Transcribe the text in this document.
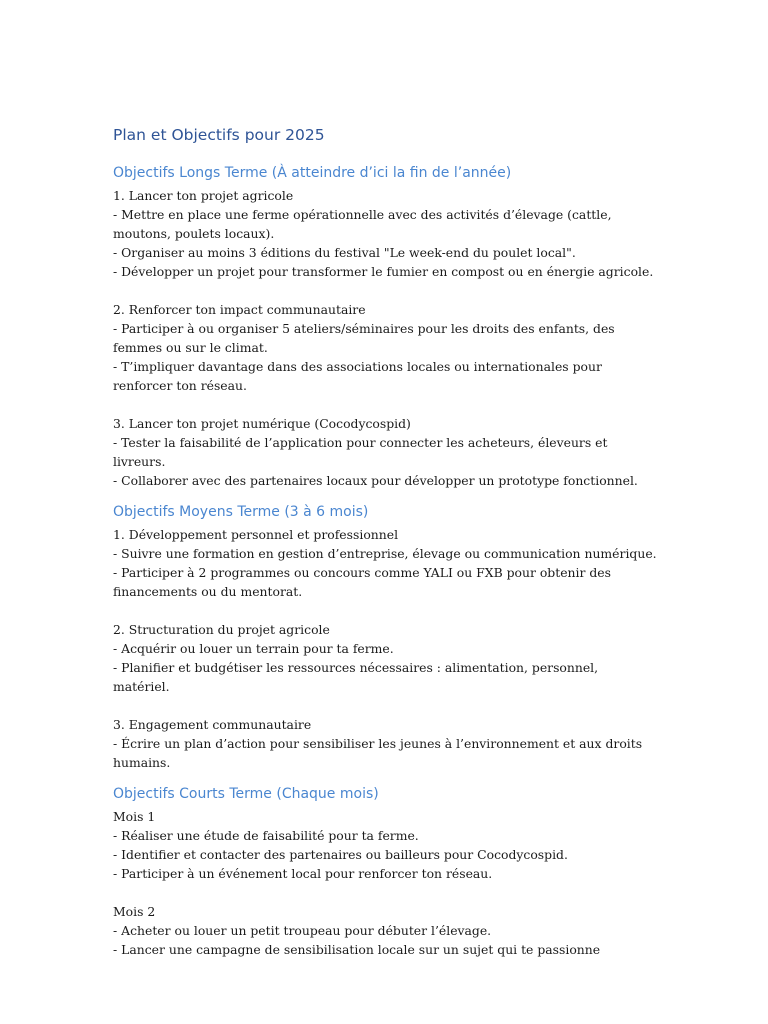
Plan et Objectifs pour 2025
Objectifs Longs Terme (À atteindre d’ici la fin de l’année)
1. Lancer ton projet agricole
- Mettre en place une ferme opérationnelle avec des activités d’élevage (cattle, moutons, poulets locaux).
- Organiser au moins 3 éditions du festival "Le week-end du poulet local".
- Développer un projet pour transformer le fumier en compost ou en énergie agricole.
2. Renforcer ton impact communautaire
- Participer à ou organiser 5 ateliers/séminaires pour les droits des enfants, des femmes ou sur le climat.
- T’impliquer davantage dans des associations locales ou internationales pour renforcer ton réseau.
3. Lancer ton projet numérique (Cocodycospid)
- Tester la faisabilité de l’application pour connecter les acheteurs, éleveurs et livreurs.
- Collaborer avec des partenaires locaux pour développer un prototype fonctionnel.
Objectifs Moyens Terme (3 à 6 mois)
1. Développement personnel et professionnel
- Suivre une formation en gestion d’entreprise, élevage ou communication numérique.
- Participer à 2 programmes ou concours comme YALI ou FXB pour obtenir des financements ou du mentorat.
2. Structuration du projet agricole
- Acquérir ou louer un terrain pour ta ferme.
- Planifier et budgétiser les ressources nécessaires : alimentation, personnel, matériel.
3. Engagement communautaire
- Écrire un plan d’action pour sensibiliser les jeunes à l’environnement et aux droits humains.
Objectifs Courts Terme (Chaque mois)
Mois 1
- Réaliser une étude de faisabilité pour ta ferme.
- Identifier et contacter des partenaires ou bailleurs pour Cocodycospid.
- Participer à un événement local pour renforcer ton réseau.
Mois 2
- Acheter ou louer un petit troupeau pour débuter l’élevage.
- Lancer une campagne de sensibilisation locale sur un sujet qui te passionne
